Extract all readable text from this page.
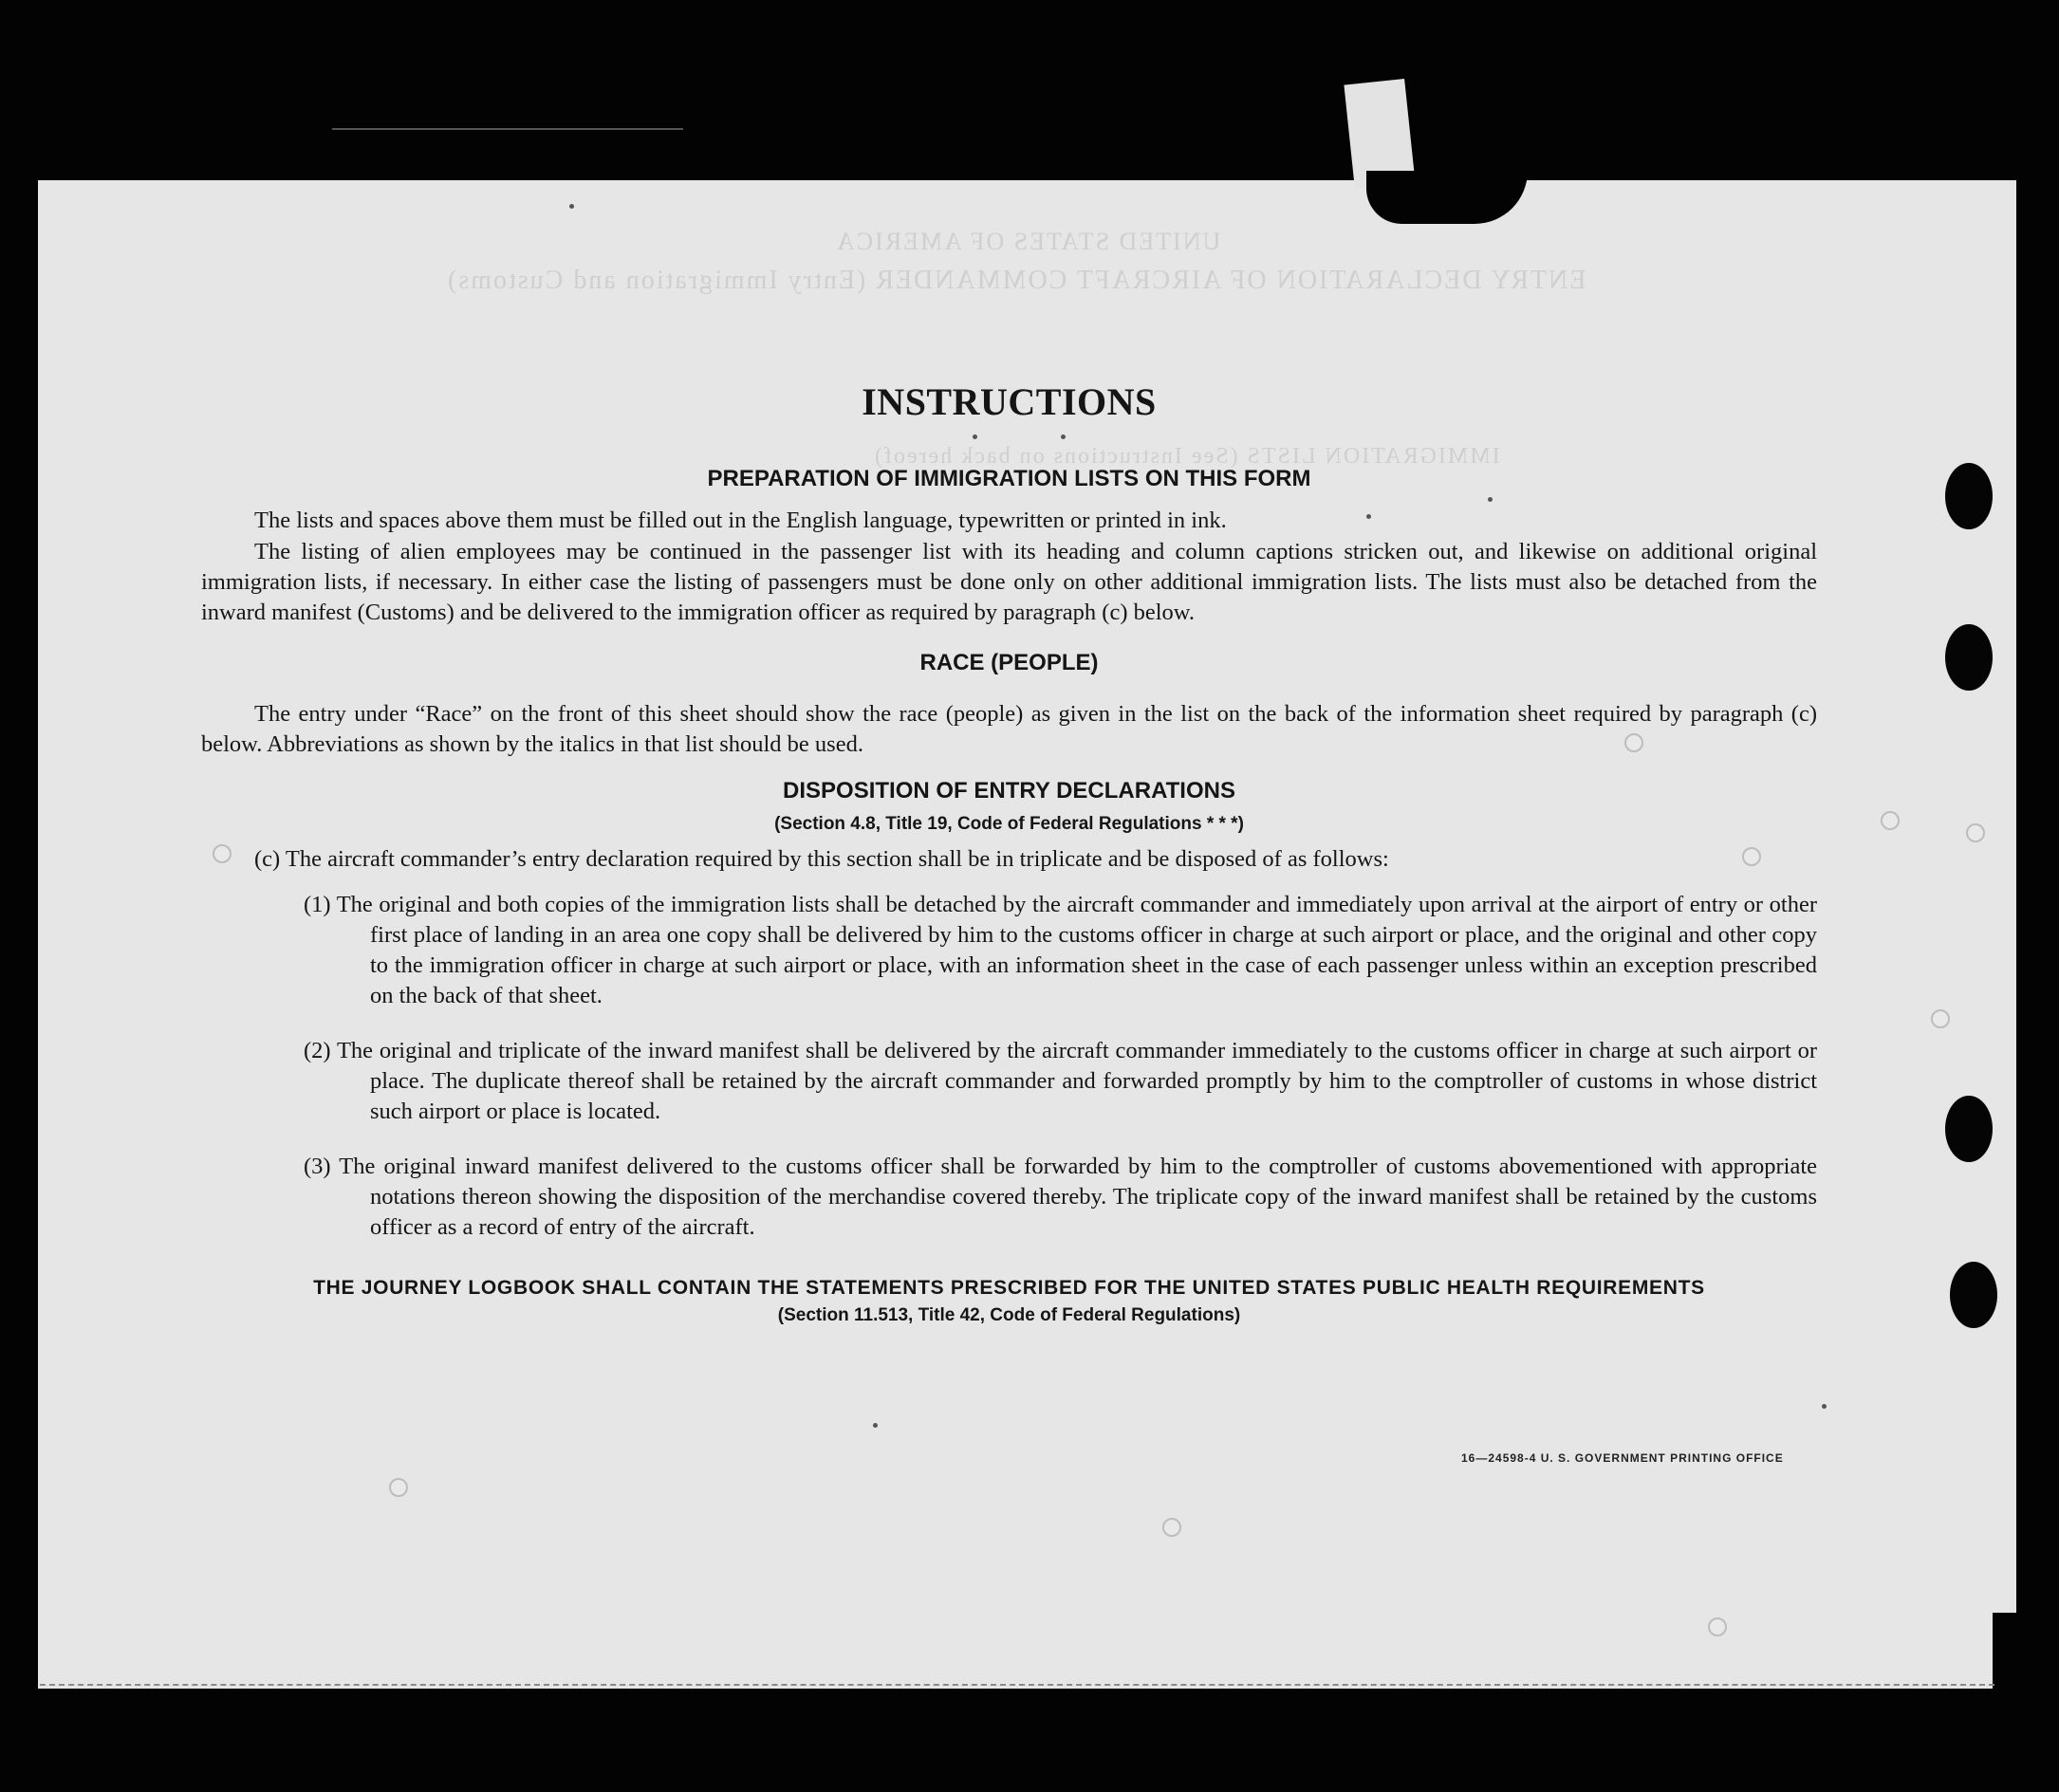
UNITED STATES OF AMERICA
ENTRY DECLARATION OF AIRCRAFT COMMANDER (Entry Immigration and Customs)
IMMIGRATION LISTS (See Instructions on back hereof)
INSTRUCTIONS
PREPARATION OF IMMIGRATION LISTS ON THIS FORM

The lists and spaces above them must be filled out in the English language, typewritten or printed in ink.

The listing of alien employees may be continued in the passenger list with its heading and column captions stricken out, and likewise on additional original immigration lists, if necessary. In either case the listing of passengers must be done only on other additional immigration lists. The lists must also be detached from the inward manifest (Customs) and be delivered to the immigration officer as required by paragraph (c) below.

RACE (PEOPLE)

The entry under “Race” on the front of this sheet should show the race (people) as given in the list on the back of the information sheet required by paragraph (c) below. Abbreviations as shown by the italics in that list should be used.

DISPOSITION OF ENTRY DECLARATIONS
(Section 4.8, Title 19, Code of Federal Regulations * * *)
(c) The aircraft commander’s entry declaration required by this section shall be in triplicate and be disposed of as follows:

(1) The original and both copies of the immigration lists shall be detached by the aircraft commander and immediately upon arrival at the airport of entry or other first place of landing in an area one copy shall be delivered by him to the customs officer in charge at such airport or place, and the original and other copy to the immigration officer in charge at such airport or place, with an information sheet in the case of each passenger unless within an exception prescribed on the back of that sheet.

(2) The original and triplicate of the inward manifest shall be delivered by the aircraft commander immediately to the customs officer in charge at such airport or place. The duplicate thereof shall be retained by the aircraft commander and forwarded promptly by him to the comptroller of customs in whose district such airport or place is located.

(3) The original inward manifest delivered to the customs officer shall be forwarded by him to the comptroller of customs abovementioned with appropriate notations thereon showing the disposition of the merchandise covered thereby. The triplicate copy of the inward manifest shall be retained by the customs officer as a record of entry of the aircraft.

THE JOURNEY LOGBOOK SHALL CONTAIN THE STATEMENTS PRESCRIBED FOR THE UNITED STATES PUBLIC HEALTH REQUIREMENTS
(Section 11.513, Title 42, Code of Federal Regulations)
16—24598-4 U. S. GOVERNMENT PRINTING OFFICE
